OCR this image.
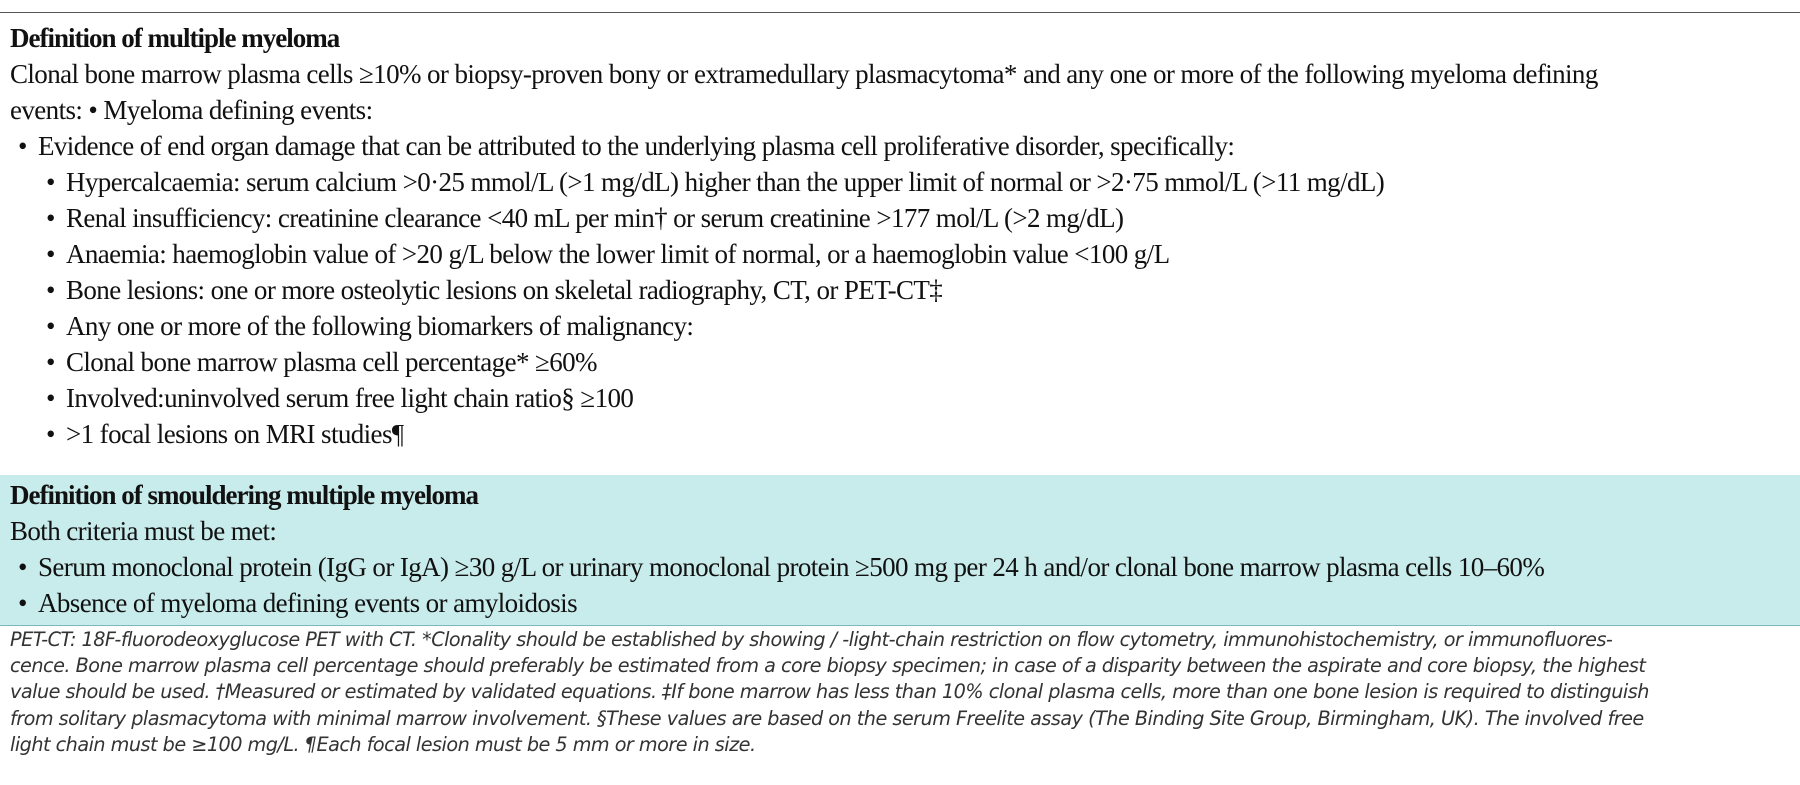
Definition of multiple myeloma
Clonal bone marrow plasma cells ≥10% or biopsy-proven bony or extramedullary plasmacytoma* and any one or more of the following myeloma defining
events: • Myeloma defining events:
• Evidence of end organ damage that can be attributed to the underlying plasma cell proliferative disorder, specifically:
• Hypercalcaemia: serum calcium >0·25 mmol/L (>1 mg/dL) higher than the upper limit of normal or >2·75 mmol/L (>11 mg/dL)
• Renal insufficiency: creatinine clearance <40 mL per min† or serum creatinine >177 mol/L (>2 mg/dL)
• Anaemia: haemoglobin value of >20 g/L below the lower limit of normal, or a haemoglobin value <100 g/L
• Bone lesions: one or more osteolytic lesions on skeletal radiography, CT, or PET-CT‡
• Any one or more of the following biomarkers of malignancy:
• Clonal bone marrow plasma cell percentage* ≥60%
• Involved:uninvolved serum free light chain ratio§ ≥100
• >1 focal lesions on MRI studies¶
Definition of smouldering multiple myeloma
Both criteria must be met:
• Serum monoclonal protein (IgG or IgA) ≥30 g/L or urinary monoclonal protein ≥500 mg per 24 h and/or clonal bone marrow plasma cells 10–60%
• Absence of myeloma defining events or amyloidosis
PET-CT: 18F-fluorodeoxyglucose PET with CT. *Clonality should be established by showing / -light-chain restriction on flow cytometry, immunohistochemistry, or immunofluores-
cence. Bone marrow plasma cell percentage should preferably be estimated from a core biopsy specimen; in case of a disparity between the aspirate and core biopsy, the highest
value should be used. †Measured or estimated by validated equations. ‡If bone marrow has less than 10% clonal plasma cells, more than one bone lesion is required to distinguish
from solitary plasmacytoma with minimal marrow involvement. §These values are based on the serum Freelite assay (The Binding Site Group, Birmingham, UK). The involved free
light chain must be ≥100 mg/L. ¶Each focal lesion must be 5 mm or more in size.
